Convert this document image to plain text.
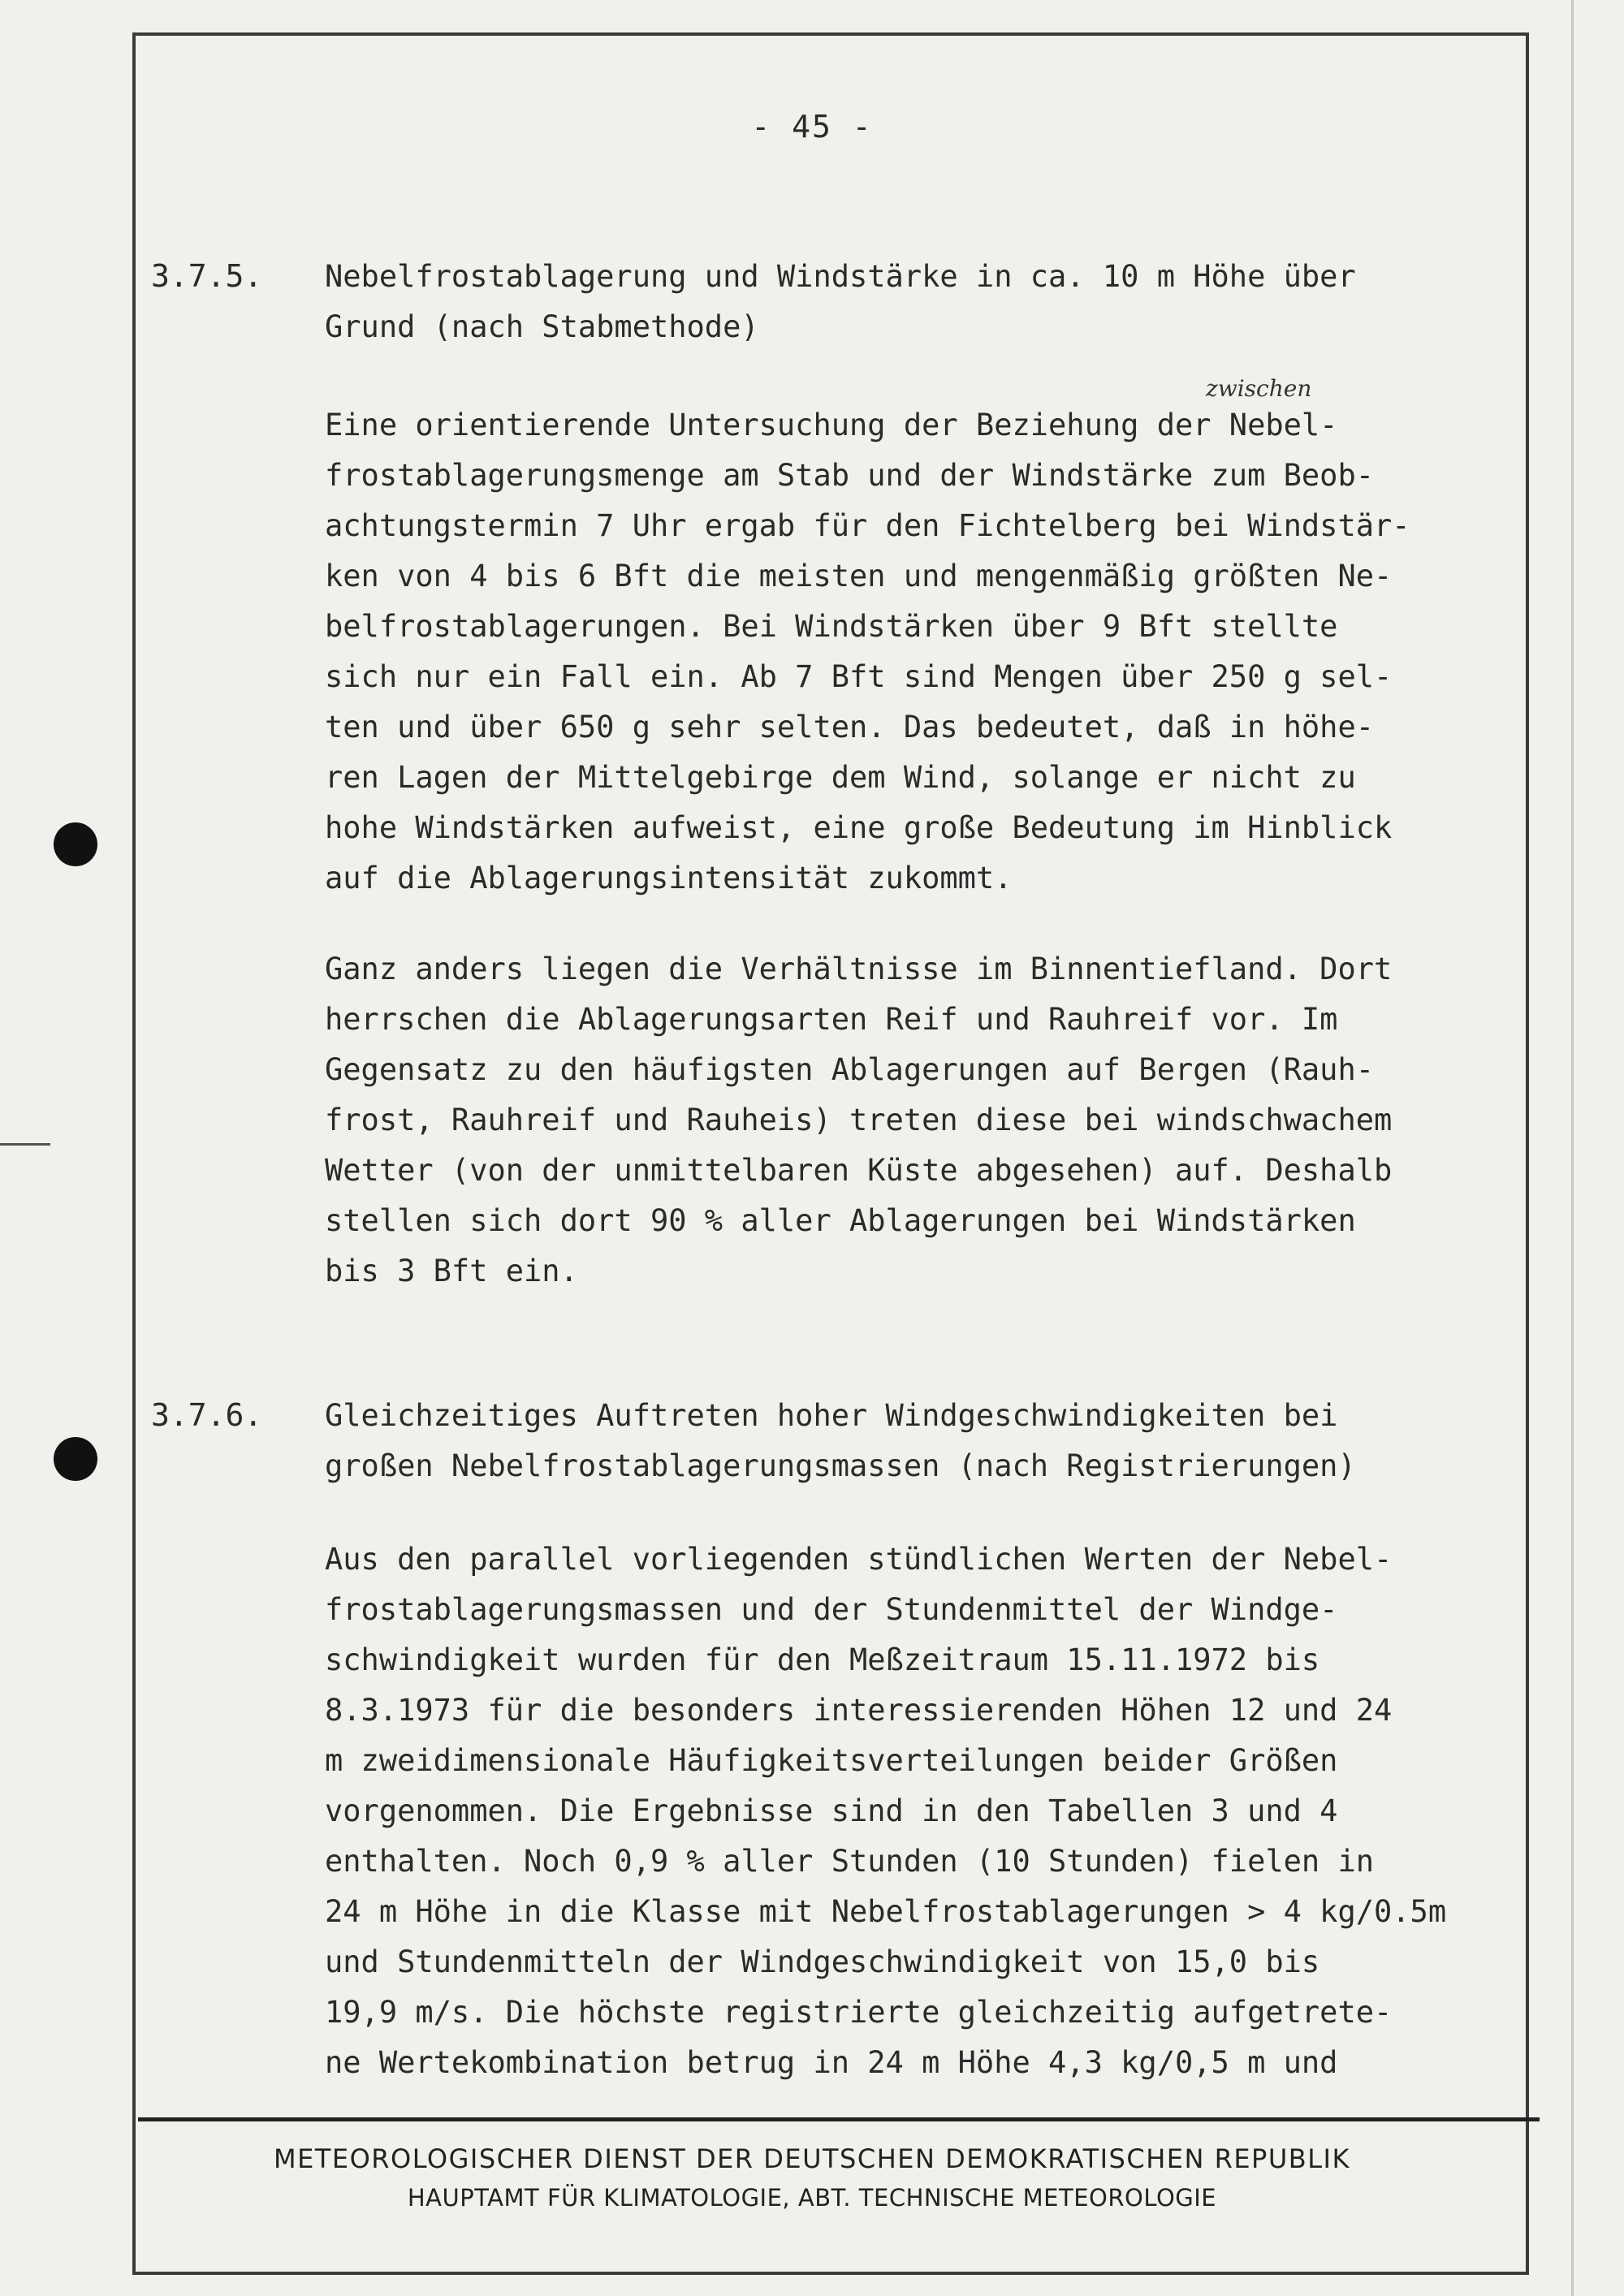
- 45 -
3.7.5. Nebelfrostablagerung und Windstärke in ca. 10 m Höhe über
Grund (nach Stabmethode)
zwischen
Eine orientierende Untersuchung der Beziehung der Nebel-
frostablagerungsmenge am Stab und der Windstärke zum Beob-
achtungstermin 7 Uhr ergab für den Fichtelberg bei Windstär-
ken von 4 bis 6 Bft die meisten und mengenmäßig größten Ne-
belfrostablagerungen. Bei Windstärken über 9 Bft stellte
sich nur ein Fall ein. Ab 7 Bft sind Mengen über 250 g sel-
ten und über 650 g sehr selten. Das bedeutet, daß in höhe-
ren Lagen der Mittelgebirge dem Wind, solange er nicht zu
hohe Windstärken aufweist, eine große Bedeutung im Hinblick
auf die Ablagerungsintensität zukommt.
Ganz anders liegen die Verhältnisse im Binnentiefland. Dort
herrschen die Ablagerungsarten Reif und Rauhreif vor. Im
Gegensatz zu den häufigsten Ablagerungen auf Bergen (Rauh-
frost, Rauhreif und Rauheis) treten diese bei windschwachem
Wetter (von der unmittelbaren Küste abgesehen) auf. Deshalb
stellen sich dort 90 % aller Ablagerungen bei Windstärken
bis 3 Bft ein.
3.7.6. Gleichzeitiges Auftreten hoher Windgeschwindigkeiten bei
großen Nebelfrostablagerungsmassen (nach Registrierungen)
Aus den parallel vorliegenden stündlichen Werten der Nebel-
frostablagerungsmassen und der Stundenmittel der Windge-
schwindigkeit wurden für den Meßzeitraum 15.11.1972 bis
8.3.1973 für die besonders interessierenden Höhen 12 und 24
m zweidimensionale Häufigkeitsverteilungen beider Größen
vorgenommen. Die Ergebnisse sind in den Tabellen 3 und 4
enthalten. Noch 0,9 % aller Stunden (10 Stunden) fielen in
24 m Höhe in die Klasse mit Nebelfrostablagerungen > 4 kg/0.5m
und Stundenmitteln der Windgeschwindigkeit von 15,0 bis
19,9 m/s. Die höchste registrierte gleichzeitig aufgetrete-
ne Wertekombination betrug in 24 m Höhe 4,3 kg/0,5 m und
METEOROLOGISCHER DIENST DER DEUTSCHEN DEMOKRATISCHEN REPUBLIK
HAUPTAMT FÜR KLIMATOLOGIE, ABT. TECHNISCHE METEOROLOGIE
